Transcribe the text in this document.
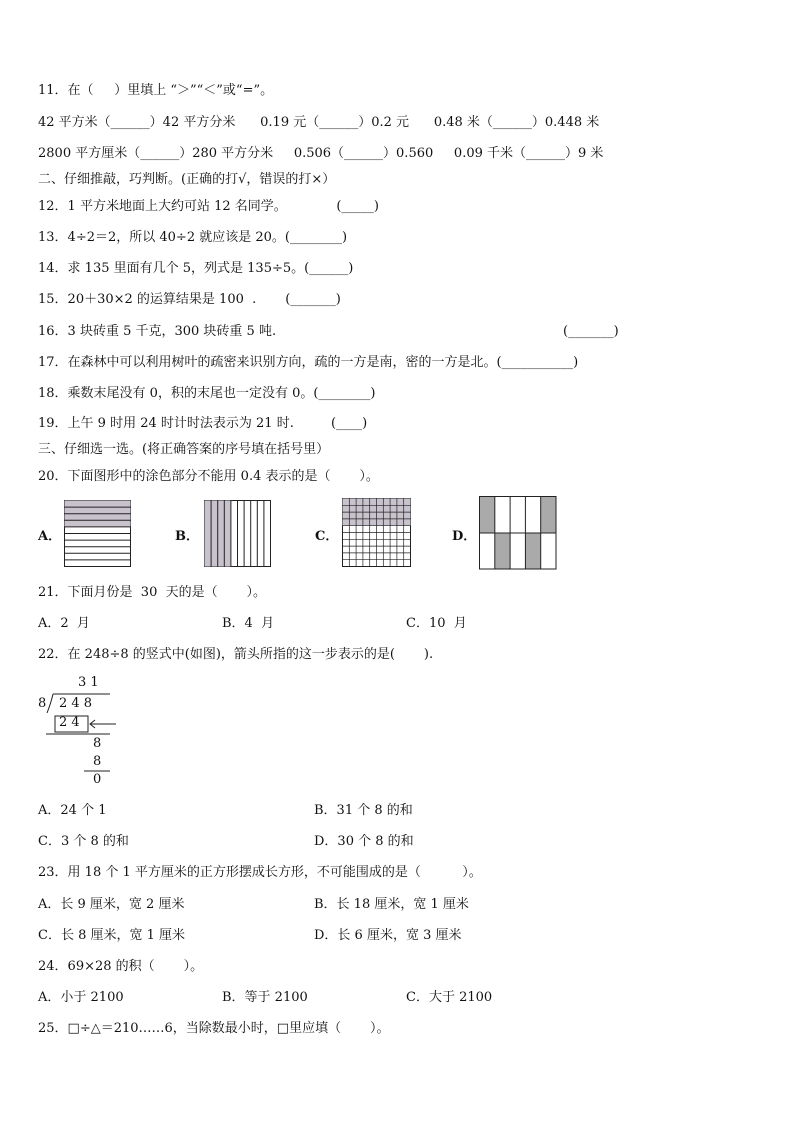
11．在（     ）里填上 “＞”“＜”或“=”。
42 平方米（______）42 平方分米      0.19 元（______）0.2 元      0.48 米（______）0.448 米
2800 平方厘米（______）280 平方分米     0.506（______）0.560     0.09 千米（______）9 米
二、仔细推敲，巧判断。(正确的打√，错误的打×）
12．1 平方米地面上大约可站 12 名同学。            (_____)
13．4÷2＝2，所以 40÷2 就应该是 20。(________)
14．求 135 里面有几个 5，列式是 135÷5。(______)
15．20＋30×2 的运算结果是 100  .       (_______)
16．3 块砖重 5 千克，300 块砖重 5 吨.	(_______)
17．在森林中可以利用树叶的疏密来识别方向，疏的一方是南，密的一方是北。(___________)
18．乘数末尾没有 0，积的末尾也一定没有 0。(________)
19．上午 9 时用 24 时计时法表示为 21 时.         (____)
三、仔细选一选。(将正确答案的序号填在括号里）
20．下面图形中的涂色部分不能用 0.4 表示的是（       ）。
A．	B．	C．	D．
21．下面月份是  30  天的是（       ）。
A．2  月	B．4  月	C．10  月
22．在 248÷8 的竖式中(如图)，箭头所指的这一步表示的是(       ).
3 1
8 2 4 8
2 4
8
8
0
A．24 个 1	B．31 个 8 的和
C．3 个 8 的和	D．30 个 8 的和
23．用 18 个 1 平方厘米的正方形摆成长方形，不可能围成的是（          ）。
A．长 9 厘米，宽 2 厘米	B．长 18 厘米，宽 1 厘米
C．长 8 厘米，宽 1 厘米	D．长 6 厘米，宽 3 厘米
24．69×28 的积（       ）。
A．小于 2100	B．等于 2100	C．大于 2100
25．□÷△＝210……6，当除数最小时，□里应填（       ）。
